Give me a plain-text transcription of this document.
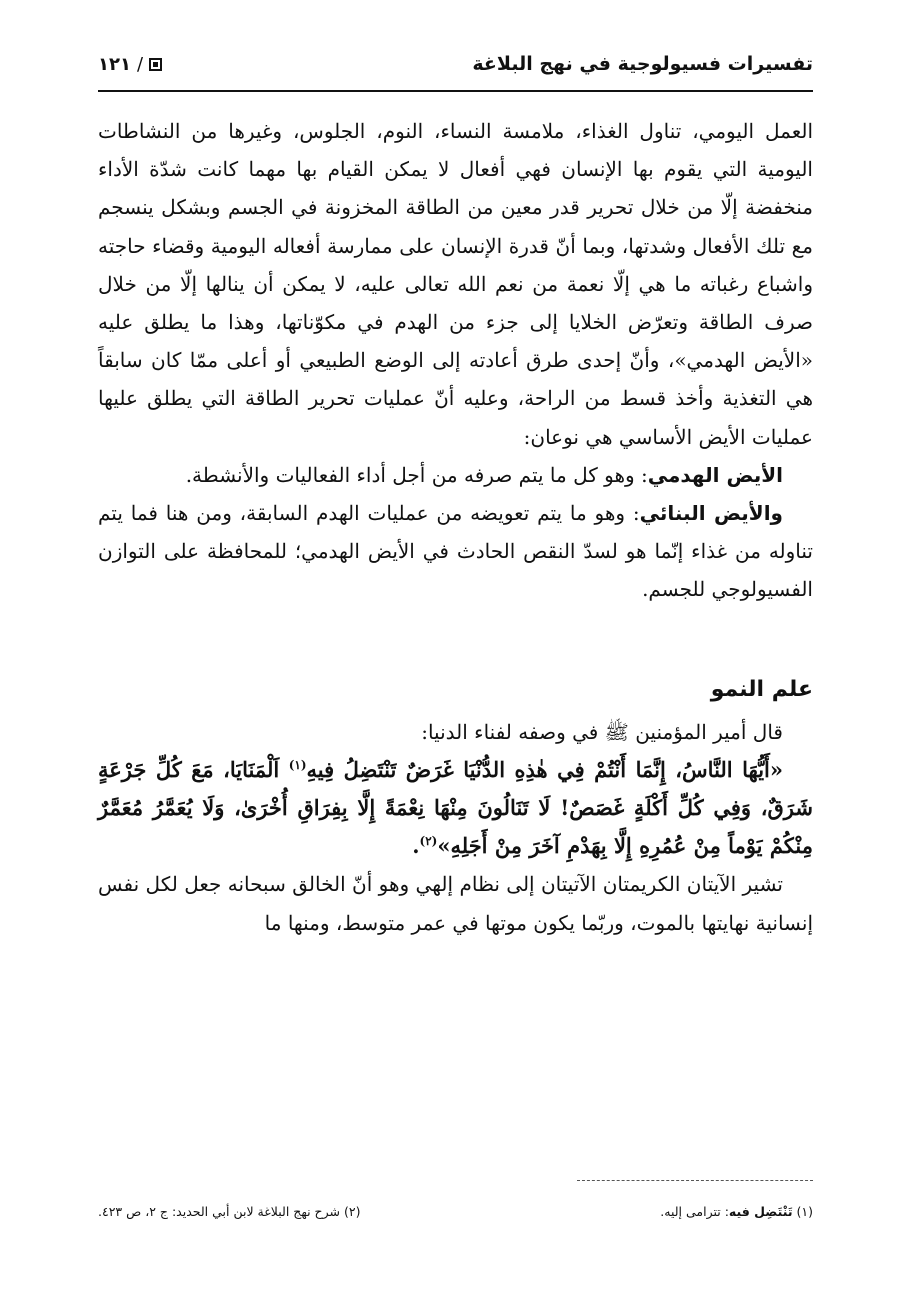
تفسيرات فسيولوجية في نهج البلاغة
/
١٢١

العمل اليومي، تناول الغذاء، ملامسة النساء، النوم، الجلوس، وغيرها من النشاطات اليومية التي يقوم بها الإنسان فهي أفعال لا يمكن القيام بها مهما كانت شدّة الأداء منخفضة إلّا من خلال تحرير قدر معين من الطاقة المخزونة في الجسم وبشكل ينسجم مع تلك الأفعال وشدتها، وبما أنّ قدرة الإنسان على ممارسة أفعاله اليومية وقضاء حاجته واشباع رغباته ما هي إلّا نعمة من نعم الله تعالى عليه، لا يمكن أن ينالها إلّا من خلال صرف الطاقة وتعرّض الخلايا إلى جزء من الهدم في مكوّناتها، وهذا ما يطلق عليه «الأيض الهدمي»، وأنّ إحدى طرق أعادته إلى الوضع الطبيعي أو أعلى ممّا كان سابقاً هي التغذية وأخذ قسط من الراحة، وعليه أنّ عمليات تحرير الطاقة التي يطلق عليها عمليات الأيض الأساسي هي نوعان:

الأيض الهدمي: وهو كل ما يتم صرفه من أجل أداء الفعاليات والأنشطة.

والأيض البنائي: وهو ما يتم تعويضه من عمليات الهدم السابقة، ومن هنا فما يتم تناوله من غذاء إنّما هو لسدّ النقص الحادث في الأيض الهدمي؛ للمحافظة على التوازن الفسيولوجي للجسم.

علم النمو

قال أمير المؤمنين ﷺ في وصفه لفناء الدنيا:

«أَيُّهَا النَّاسُ، إِنَّمَا أَنْتُمْ فِي هٰذِهِ الدُّنْيَا غَرَضٌ تَنْتَضِلُ فِيهِ$^{(١)}$ اَلْمَنَايَا، مَعَ كُلِّ جَرْعَةٍ شَرَقٌ، وَفِي كُلِّ أَكْلَةٍ غَصَصٌ! لَا تَنَالُونَ مِنْهَا نِعْمَةً إِلَّا بِفِرَاقِ أُخْرَىٰ، وَلَا يُعَمَّرُ مُعَمَّرٌ مِنْكُمْ يَوْماً مِنْ عُمُرِهِ إِلَّا بِهَدْمِ آخَرَ مِنْ أَجَلِهِ»$^{(٢)}$.

تشير الآيتان الكريمتان الآتيتان إلى نظام إلهي وهو أنّ الخالق سبحانه جعل لكل نفس إنسانية نهايتها بالموت، وربّما يكون موتها في عمر متوسط، ومنها ما

(١) تَنْتَضِل فيه: تترامى إليه.
(٢) شرح نهج البلاغة لابن أبي الحديد: ج ٢، ص ٤٢٣.
